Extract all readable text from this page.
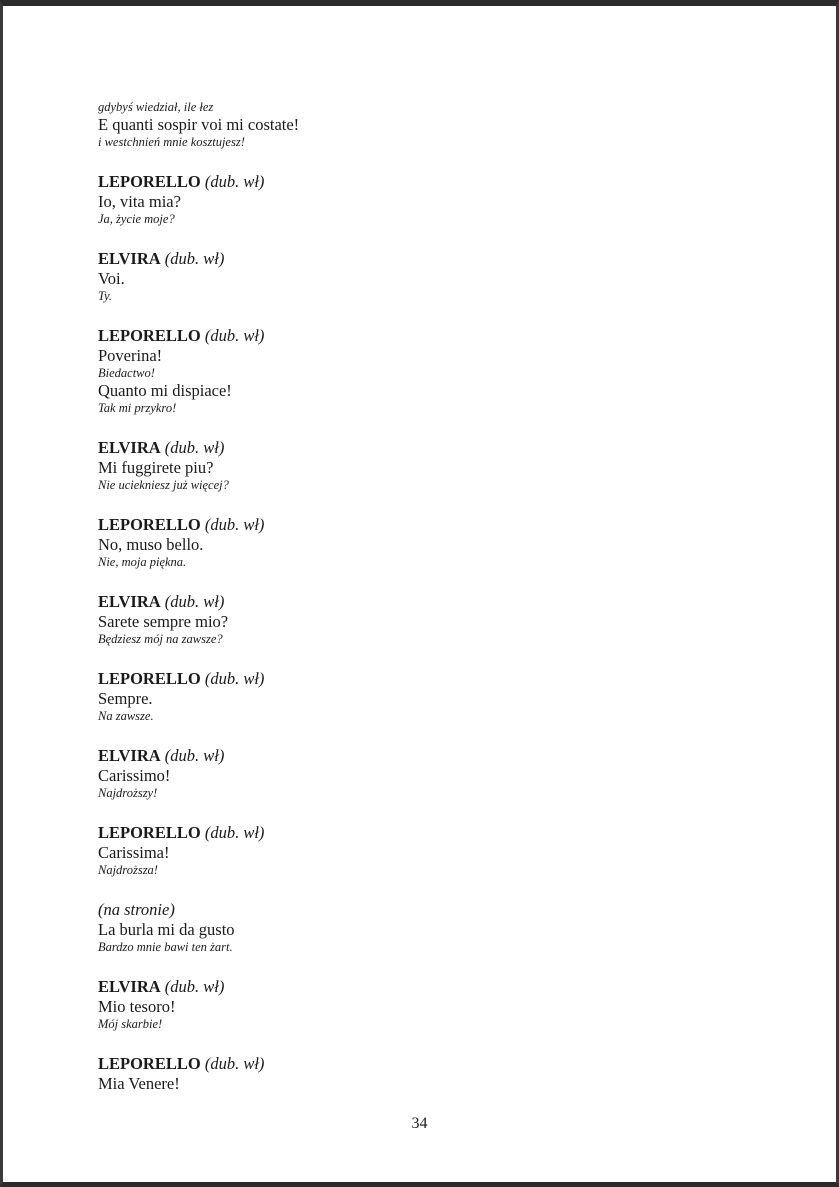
gdybyś wiedział, ile łez
E quanti sospir voi mi costate!
i westchnień mnie kosztujesz!
LEPORELLO (dub. wł)
Io, vita mia?
Ja, życie moje?
ELVIRA (dub. wł)
Voi.
Ty.
LEPORELLO (dub. wł)
Poverina!
Biedactwo!
Quanto mi dispiace!
Tak mi przykro!
ELVIRA (dub. wł)
Mi fuggirete piu?
Nie uciekniesz już więcej?
LEPORELLO (dub. wł)
No, muso bello.
Nie, moja piękna.
ELVIRA (dub. wł)
Sarete sempre mio?
Będziesz mój na zawsze?
LEPORELLO (dub. wł)
Sempre.
Na zawsze.
ELVIRA (dub. wł)
Carissimo!
Najdroższy!
LEPORELLO (dub. wł)
Carissima!
Najdroższa!
(na stronie)
La burla mi da gusto
Bardzo mnie bawi ten żart.
ELVIRA (dub. wł)
Mio tesoro!
Mój skarbie!
LEPORELLO (dub. wł)
Mia Venere!
34
